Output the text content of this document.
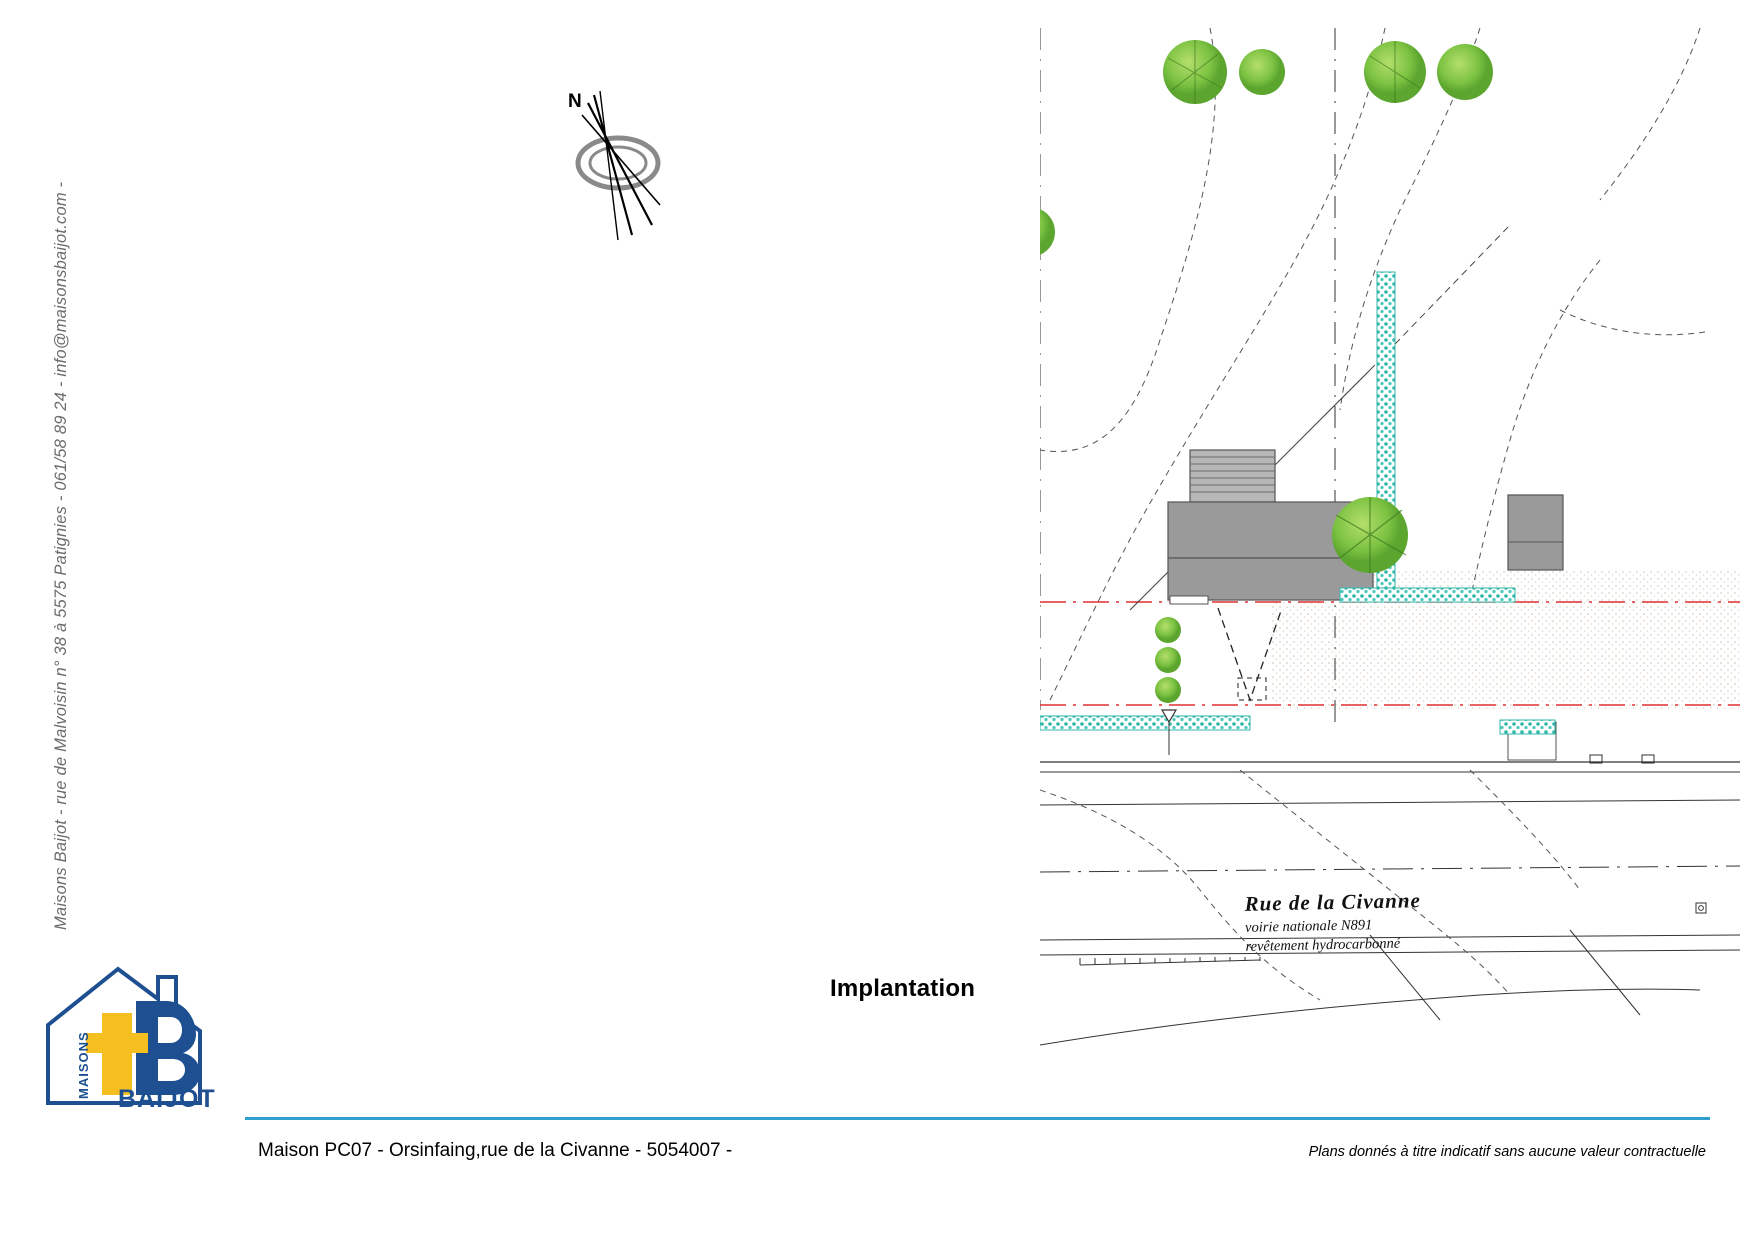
Maisons Baijot - rue de Malvoisin n° 38 à 5575 Patignies - 061/58 89 24 - info@maisonsbaijot.com -
MAISONS BAIJOT
N
Rue de la Civanne
voirie nationale N891
revêtement hydrocarbonné
Implantation
Maison PC07 - Orsinfaing,rue de la Civanne - 5054007 -	Plans donnés à titre indicatif sans aucune valeur contractuelle
